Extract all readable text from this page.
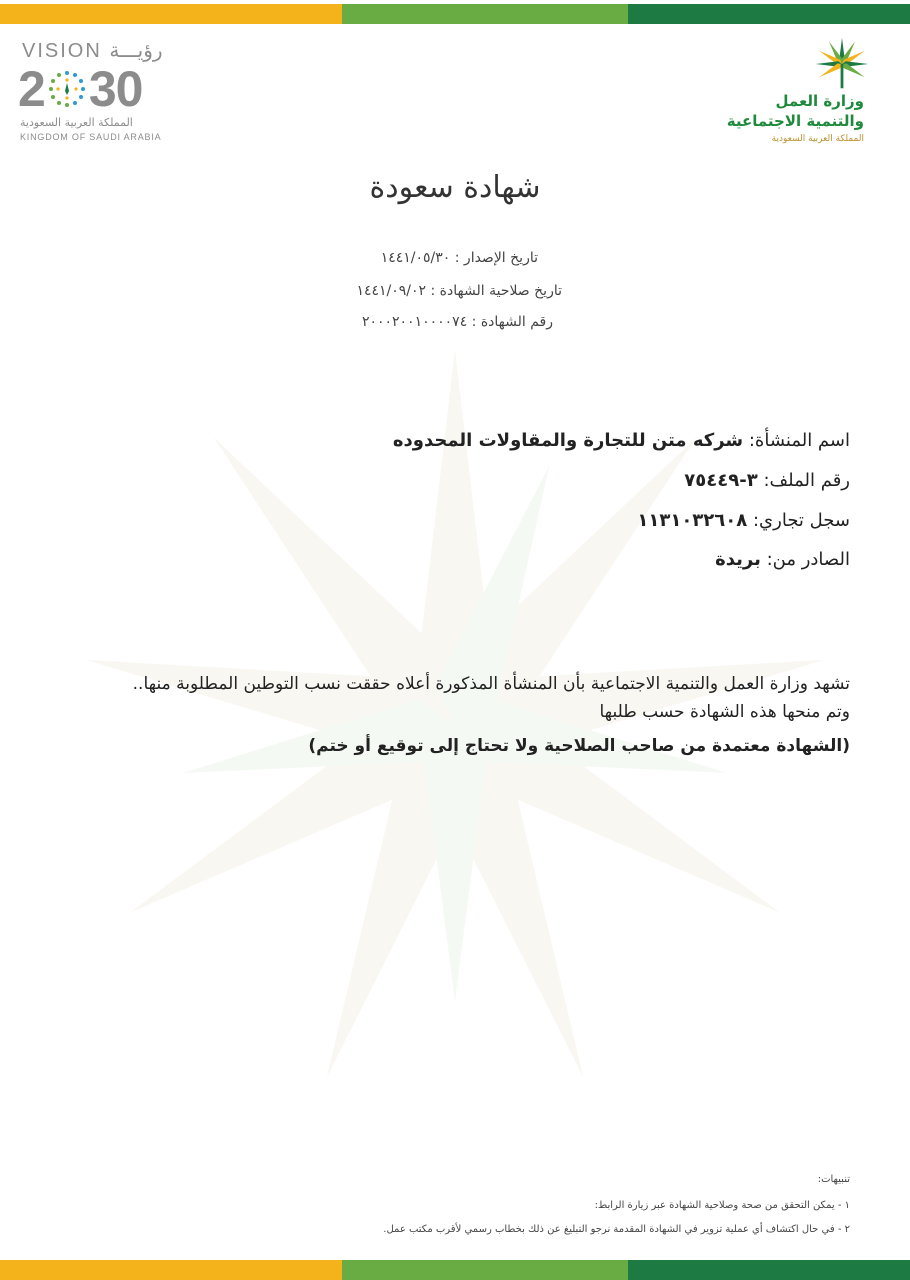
VISION رؤيـــة
2 30
المملكة العربية السعودية
KINGDOM OF SAUDI ARABIA
وزارة العمل
والتنمية الاجتماعية
المملكة العربية السعودية
شهادة سعودة
تاريخ الإصدار : ١٤٤١/٠٥/٣٠
تاريخ صلاحية الشهادة : ١٤٤١/٠٩/٠٢
رقم الشهادة : ٢٠٠٠٢٠٠١٠٠٠٠٧٤
اسم المنشأة: شركه متن للتجارة والمقاولات المحدوده
رقم الملف: ٣-٧٥٤٤٩
سجل تجاري: ١١٣١٠٣٢٦٠٨
الصادر من: بريدة
تشهد وزارة العمل والتنمية الاجتماعية بأن المنشأة المذكورة أعلاه حققت نسب التوطين المطلوبة منها..
وتم منحها هذه الشهادة حسب طلبها
(الشهادة معتمدة من صاحب الصلاحية ولا تحتاج إلى توقيع أو ختم)
تنبيهات:
١ - يمكن التحقق من صحة وصلاحية الشهادة عبر زيارة الرابط:
٢ - في حال اكتشاف أي عملية تزوير في الشهادة المقدمة نرجو التبليغ عن ذلك بخطاب رسمي لأقرب مكتب عمل.
